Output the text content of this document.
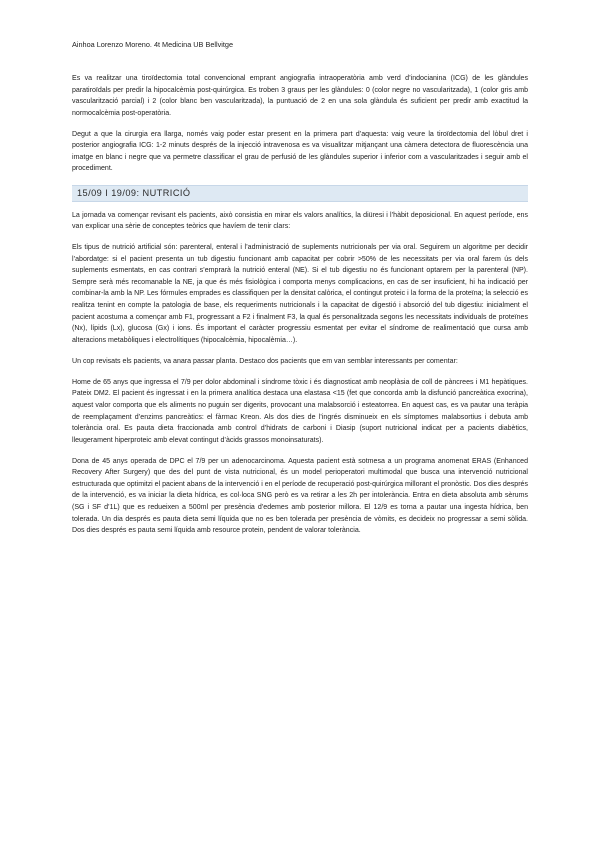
Ainhoa Lorenzo Moreno. 4t Medicina UB Bellvitge

Es va realitzar una tiroïdectomia total convencional emprant angiografia intraoperatòria amb verd d’indocianina (ICG) de les glàndules paratiroïdals per predir la hipocalcèmia post-quirúrgica. Es troben 3 graus per les glàndules: 0 (color negre no vascularitzada), 1 (color gris amb vascularització parcial) i 2 (color blanc ben vascularitzada), la puntuació de 2 en una sola glàndula és suficient per predir amb exactitud la normocalcèmia post-operatòria.

Degut a que la cirurgia era llarga, només vaig poder estar present en la primera part d’aquesta: vaig veure la tiroïdectomia del lòbul dret i posterior angiografia ICG: 1-2 minuts després de la injecció intravenosa es va visualitzar mitjançant una càmera detectora de fluorescència una imatge en blanc i negre que va permetre classificar el grau de perfusió de les glàndules superior i inferior com a vascularitzades i seguir amb el procediment.

15/09 I 19/09: NUTRICIÓ

La jornada va començar revisant els pacients, això consistia en mirar els valors analítics, la diüresi i l’hàbit deposicional. En aquest període, ens van explicar una sèrie de conceptes teòrics que havíem de tenir clars:

Els tipus de nutrició artificial són: parenteral, enteral i l’administració de suplements nutricionals per via oral. Seguirem un algoritme per decidir l’abordatge: si el pacient presenta un tub digestiu funcionant amb capacitat per cobrir >50% de les necessitats per via oral farem ús dels suplements esmentats, en cas contrari s’emprarà la nutrició enteral (NE). Si el tub digestiu no és funcionant optarem per la parenteral (NP). Sempre serà més recomanable la NE, ja que és més fisiològica i comporta menys complicacions, en cas de ser insuficient, hi ha indicació per combinar-la amb la NP. Les fórmules emprades es classifiquen per la densitat calòrica, el contingut proteic i la forma de la proteïna; la selecció es realitza tenint en compte la patologia de base, els requeriments nutricionals i la capacitat de digestió i absorció del tub digestiu: inicialment el pacient acostuma a començar amb F1, progressant a F2 i finalment F3, la qual és personalitzada segons les necessitats individuals de proteïnes (Nx), lípids (Lx), glucosa (Gx) i ions. És important el caràcter progressiu esmentat per evitar el síndrome de realimentació que cursa amb alteracions metabòliques i electrolítiques (hipocalcèmia, hipocalèmia…).

Un cop revisats els pacients, va anara passar planta. Destaco dos pacients que em van semblar interessants per comentar:

Home de 65 anys que ingressa el 7/9 per dolor abdominal i síndrome tòxic i és diagnosticat amb neoplàsia de coll de pàncrees i M1 hepàtiques. Pateix DM2. El pacient és ingressat i en la primera analítica destaca una elastasa <15 (fet que concorda amb la disfunció pancreàtica exocrina), aquest valor comporta que els aliments no puguin ser digerits, provocant una malabsorció i esteatorrea. En aquest cas, es va pautar una teràpia de reemplaçament d’enzims pancreàtics: el fàrmac Kreon. Als dos dies de l’ingrés disminueix en els símptomes malabsortius i debuta amb tolerància oral. Es pauta dieta fraccionada amb control d’hidrats de carboni i Diasip (suport nutricional indicat per a pacients diabètics, lleugerament hiperproteic amb elevat contingut d’àcids grassos monoinsaturats).

Dona de 45 anys operada de DPC el 7/9 per un adenocarcinoma. Aquesta pacient està sotmesa a un programa anomenat ERAS (Enhanced Recovery After Surgery) que des del punt de vista nutricional, és un model perioperatori multimodal que busca una intervenció nutricional estructurada que optimitzi el pacient abans de la intervenció i en el període de recuperació post-quirúrgica millorant el pronòstic. Dos dies després de la intervenció, es va iniciar la dieta hídrica, es col·loca SNG però es va retirar a les 2h per intolerància. Entra en dieta absoluta amb sèrums (SG i SF d’1L) que es redueixen a 500ml per presència d’edemes amb posterior millora. El 12/9 es torna a pautar una ingesta hídrica, ben tolerada. Un dia després es pauta dieta semi líquida que no es ben tolerada per presència de vòmits, es decideix no progressar a semi sòlida. Dos dies després es pauta semi líquida amb resource protein, pendent de valorar tolerància.
